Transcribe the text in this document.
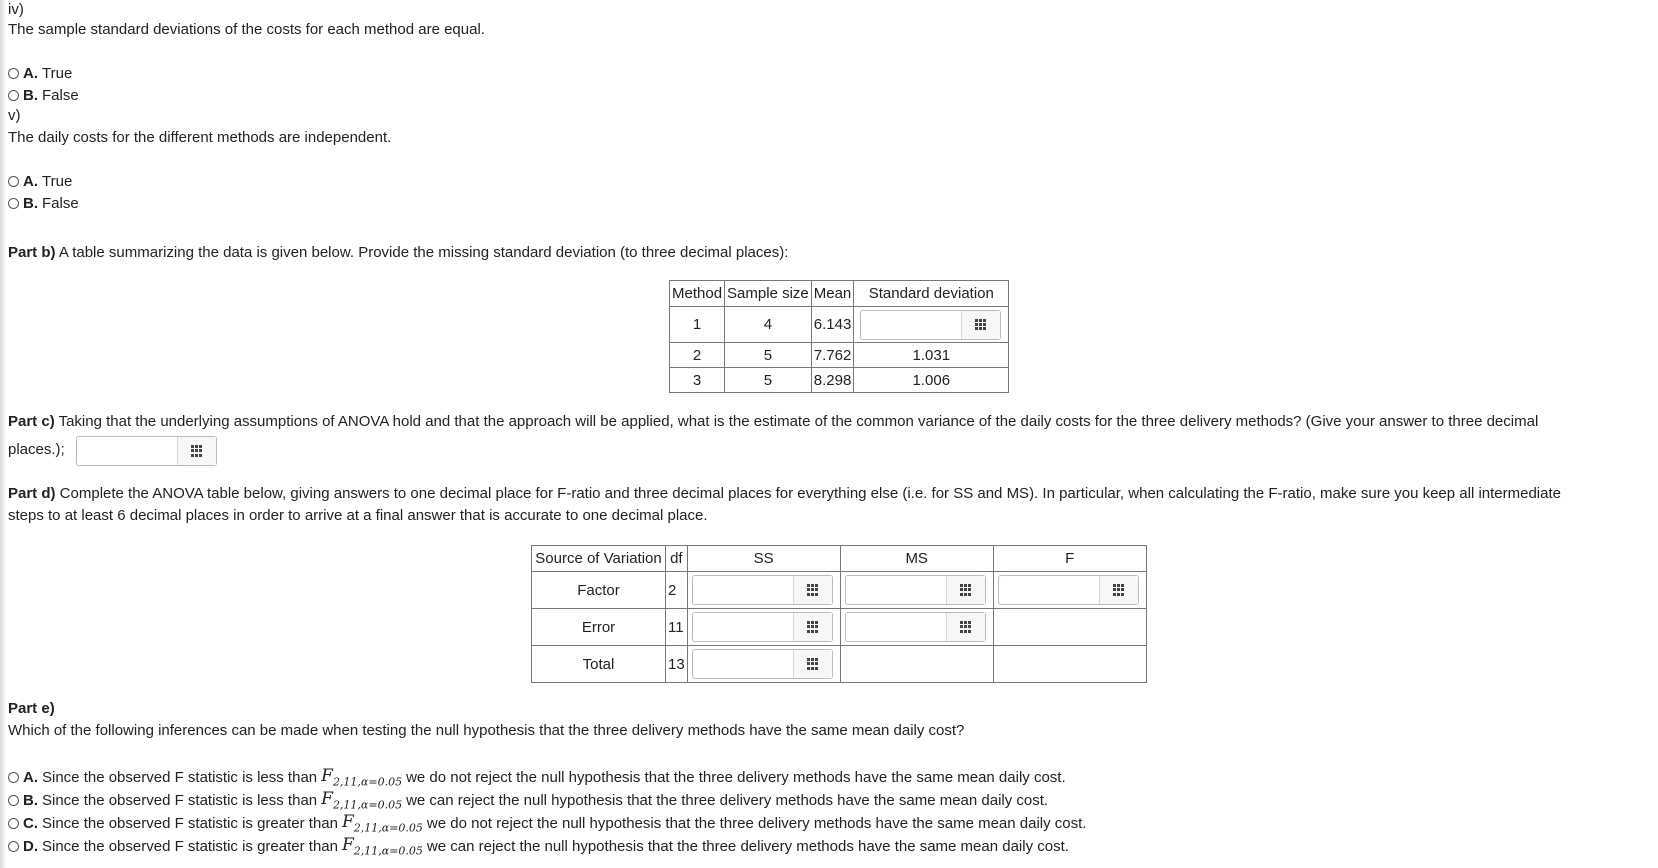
iv)
The sample standard deviations of the costs for each method are equal.
A. True
B. False
v)
The daily costs for the different methods are independent.
A. True
B. False
Part b) A table summarizing the data is given below. Provide the missing standard deviation (to three decimal places):
Method	Sample size	Mean	Standard deviation
1	4	6.143	

2	5	7.762	1.031
3	5	8.298	1.006
Part c) Taking that the underlying assumptions of ANOVA hold and that the approach will be applied, what is the estimate of the common variance of the daily costs for the three delivery methods? (Give your answer to three decimal
places.);
Part d) Complete the ANOVA table below, giving answers to one decimal place for F-ratio and three decimal places for everything else (i.e. for SS and MS). In particular, when calculating the F-ratio, make sure you keep all intermediate
steps to at least 6 decimal places in order to arrive at a final answer that is accurate to one decimal place.
Source of Variation	df	SS	MS	F
Factor	2	

Error	11	

Total	13	

Part e)
Which of the following inferences can be made when testing the null hypothesis that the three delivery methods have the same mean daily cost?
A. Since the observed F statistic is less than $F_{2,11,\alpha=0.05}$ we do not reject the null hypothesis that the three delivery methods have the same mean daily cost.
B. Since the observed F statistic is less than $F_{2,11,\alpha=0.05}$ we can reject the null hypothesis that the three delivery methods have the same mean daily cost.
C. Since the observed F statistic is greater than $F_{2,11,\alpha=0.05}$ we do not reject the null hypothesis that the three delivery methods have the same mean daily cost.
D. Since the observed F statistic is greater than $F_{2,11,\alpha=0.05}$ we can reject the null hypothesis that the three delivery methods have the same mean daily cost.
